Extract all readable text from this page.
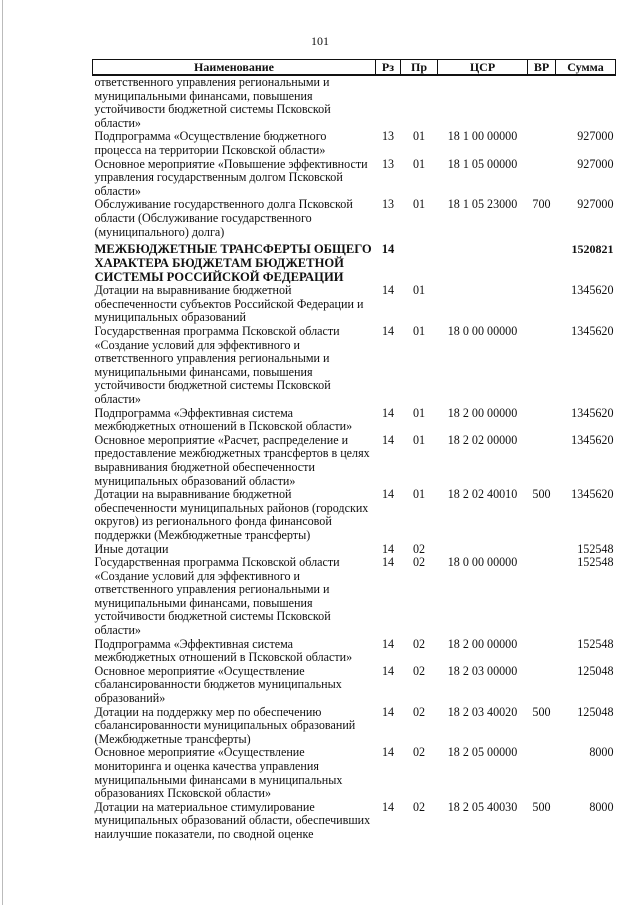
101
Наименование	Рз	Пр	ЦСР	ВР	Сумма
ответственного управления региональными и муниципальными финансами, повышения устойчивости бюджетной системы Псковской области»					
Подпрограмма «Осуществление бюджетного процесса на территории Псковской области»	13	01	18 1 00 00000		927000
Основное мероприятие «Повышение эффективности управления государственным долгом Псковской области»	13	01	18 1 05 00000		927000
Обслуживание государственного долга Псковской области (Обслуживание государственного (муниципального) долга)	13	01	18 1 05 23000	700	927000
МЕЖБЮДЖЕТНЫЕ ТРАНСФЕРТЫ ОБЩЕГО ХАРАКТЕРА БЮДЖЕТАМ БЮДЖЕТНОЙ СИСТЕМЫ РОССИЙСКОЙ ФЕДЕРАЦИИ	14				1520821
Дотации на выравнивание бюджетной обеспеченности субъектов Российской Федерации и муниципальных образований	14	01			1345620
Государственная программа Псковской области «Создание условий для эффективного и ответственного управления региональными и муниципальными финансами, повышения устойчивости бюджетной системы Псковской области»	14	01	18 0 00 00000		1345620
Подпрограмма «Эффективная система межбюджетных отношений в Псковской области»	14	01	18 2 00 00000		1345620
Основное мероприятие «Расчет, распределение и предоставление межбюджетных трансфертов в целях выравнивания бюджетной обеспеченности муниципальных образований области»	14	01	18 2 02 00000		1345620
Дотации на выравнивание бюджетной обеспеченности муниципальных районов (городских округов) из регионального фонда финансовой поддержки (Межбюджетные трансферты)	14	01	18 2 02 40010	500	1345620
Иные дотации	14	02			152548
Государственная программа Псковской области «Создание условий для эффективного и ответственного управления региональными и муниципальными финансами, повышения устойчивости бюджетной системы Псковской области»	14	02	18 0 00 00000		152548
Подпрограмма «Эффективная система межбюджетных отношений в Псковской области»	14	02	18 2 00 00000		152548
Основное мероприятие «Осуществление сбалансированности бюджетов муниципальных образований»	14	02	18 2 03 00000		125048
Дотации на поддержку мер по обеспечению сбалансированности муниципальных образований (Межбюджетные трансферты)	14	02	18 2 03 40020	500	125048
Основное мероприятие «Осуществление мониторинга и оценка качества управления муниципальными финансами в муниципальных образованиях Псковской области»	14	02	18 2 05 00000		8000
Дотации на материальное стимулирование муниципальных образований области, обеспечивших наилучшие показатели, по сводной оценке	14	02	18 2 05 40030	500	8000
